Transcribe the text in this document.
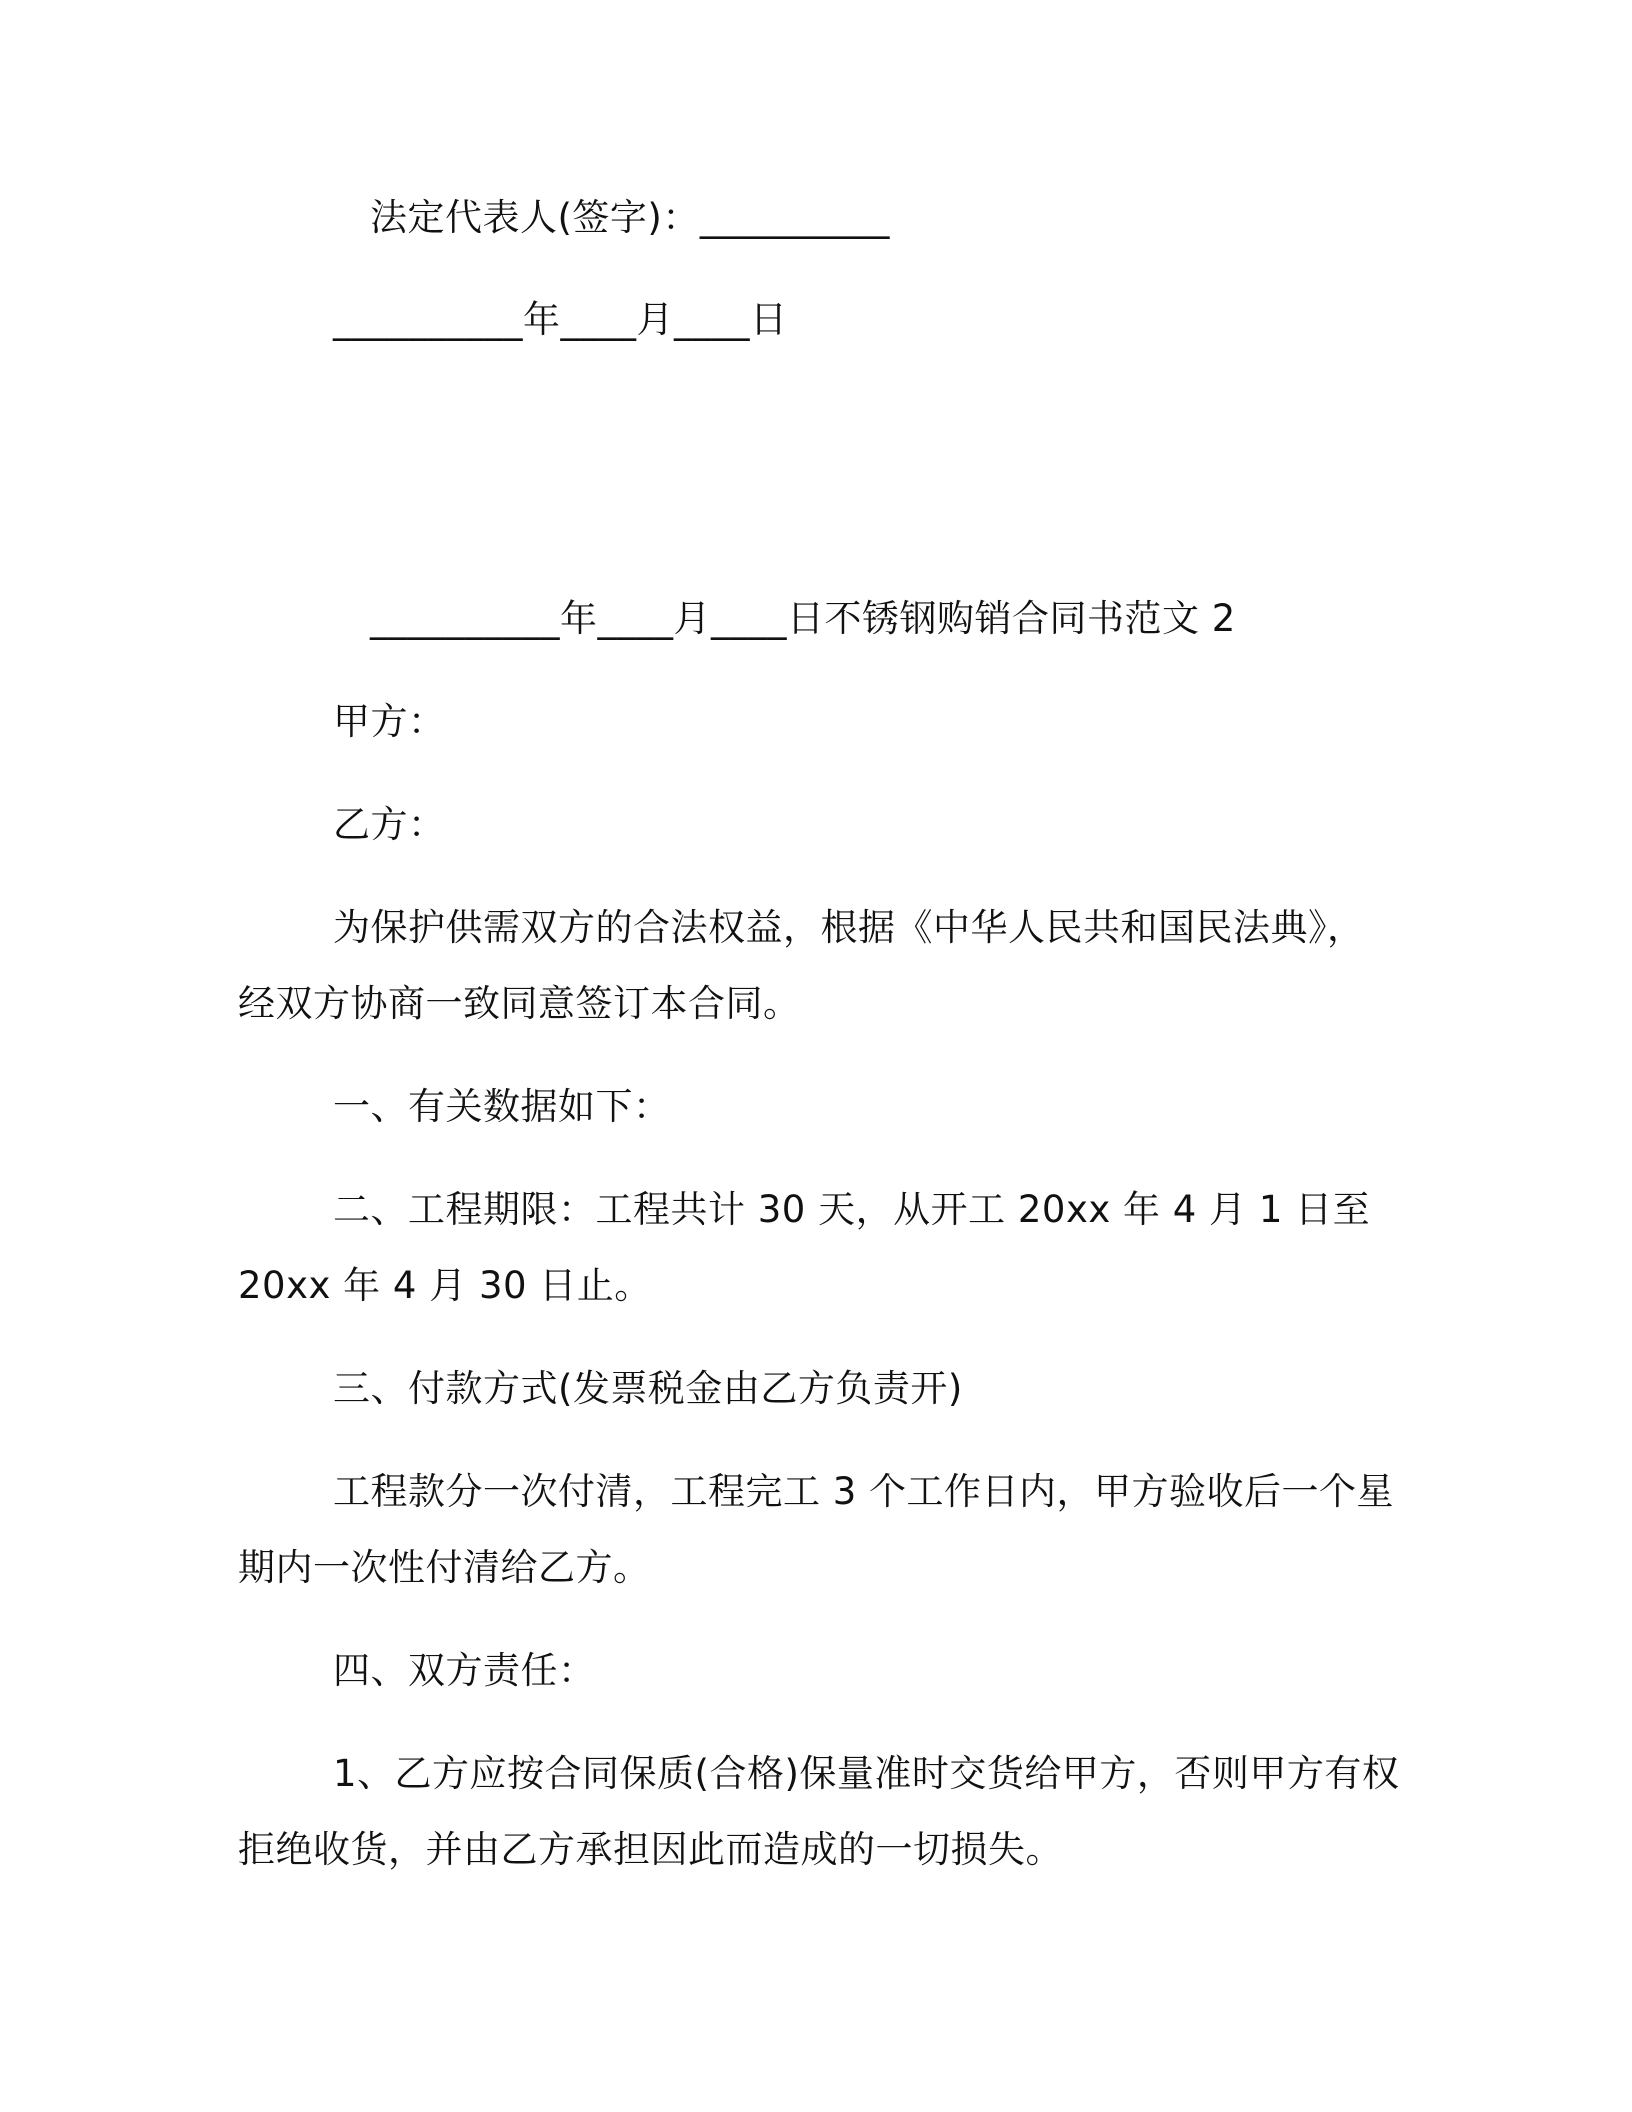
法定代表人(签字)：__________
__________年____月____日
__________年____月____日不锈钢购销合同书范文 2
甲方：
乙方：
为保护供需双方的合法权益，根据《中华人民共和国民法典》，
经双方协商一致同意签订本合同。
一、有关数据如下：
二、工程期限：工程共计 30 天，从开工 20xx 年 4 月 1 日至
20xx 年 4 月 30 日止。
三、付款方式(发票税金由乙方负责开)
工程款分一次付清，工程完工 3 个工作日内，甲方验收后一个星
期内一次性付清给乙方。
四、双方责任：
1、乙方应按合同保质(合格)保量准时交货给甲方，否则甲方有权
拒绝收货，并由乙方承担因此而造成的一切损失。
